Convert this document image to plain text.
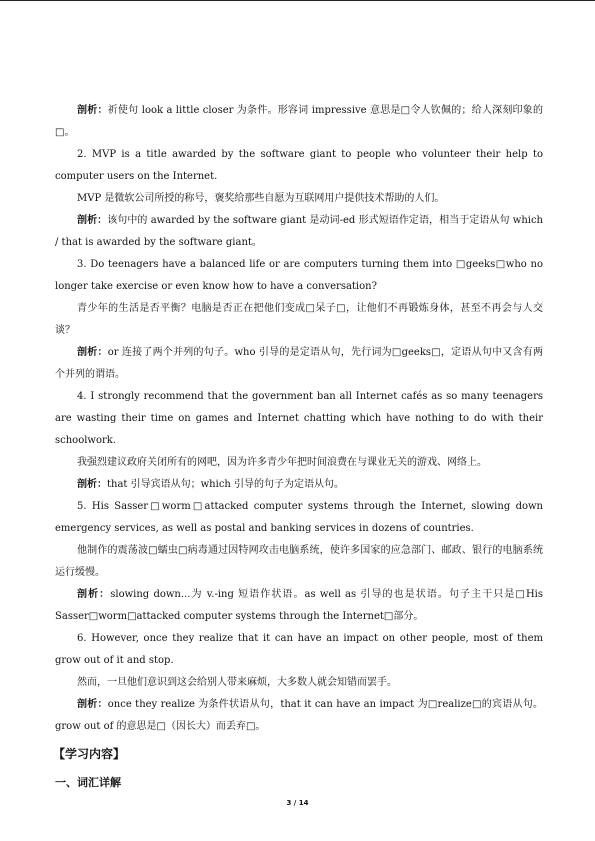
剖析：祈使句 look a little closer 为条件。形容词 impressive 意思是□令人钦佩的；给人深刻印象的□。

2. MVP is a title awarded by the software giant to people who volunteer their help to computer users on the Internet.

MVP 是微软公司所授的称号，褒奖给那些自愿为互联网用户提供技术帮助的人们。

剖析：该句中的 awarded by the software giant 是动词-ed 形式短语作定语，相当于定语从句 which / that is awarded by the software giant。

3. Do teenagers have a balanced life or are computers turning them into □geeks□who no longer take exercise or even know how to have a conversation?

青少年的生活是否平衡？电脑是否正在把他们变成□呆子□，让他们不再锻炼身体，甚至不再会与人交谈？

剖析：or 连接了两个并列的句子。who 引导的是定语从句，先行词为□geeks□，定语从句中又含有两个并列的谓语。

4. I strongly recommend that the government ban all Internet cafés as so many teenagers are wasting their time on games and Internet chatting which have nothing to do with their schoolwork.

我强烈建议政府关闭所有的网吧，因为许多青少年把时间浪费在与课业无关的游戏、网络上。

剖析：that 引导宾语从句；which 引导的句子为定语从句。

5. His Sasser□worm□attacked computer systems through the Internet, slowing down emergency services, as well as postal and banking services in dozens of countries.

他制作的震荡波□蠕虫□病毒通过因特网攻击电脑系统，使许多国家的应急部门、邮政、银行的电脑系统运行缓慢。

剖析：slowing down...为 v.-ing 短语作状语。as well as 引导的也是状语。句子主干只是□His Sasser□worm□attacked computer systems through the Internet□部分。

6. However, once they realize that it can have an impact on other people, most of them grow out of it and stop.

然而，一旦他们意识到这会给别人带来麻烦，大多数人就会知错而罢手。

剖析：once they realize 为条件状语从句，that it can have an impact 为□realize□的宾语从句。 grow out of 的意思是□（因长大）而丢弃□。

【学习内容】
一、词汇详解
3 / 14
